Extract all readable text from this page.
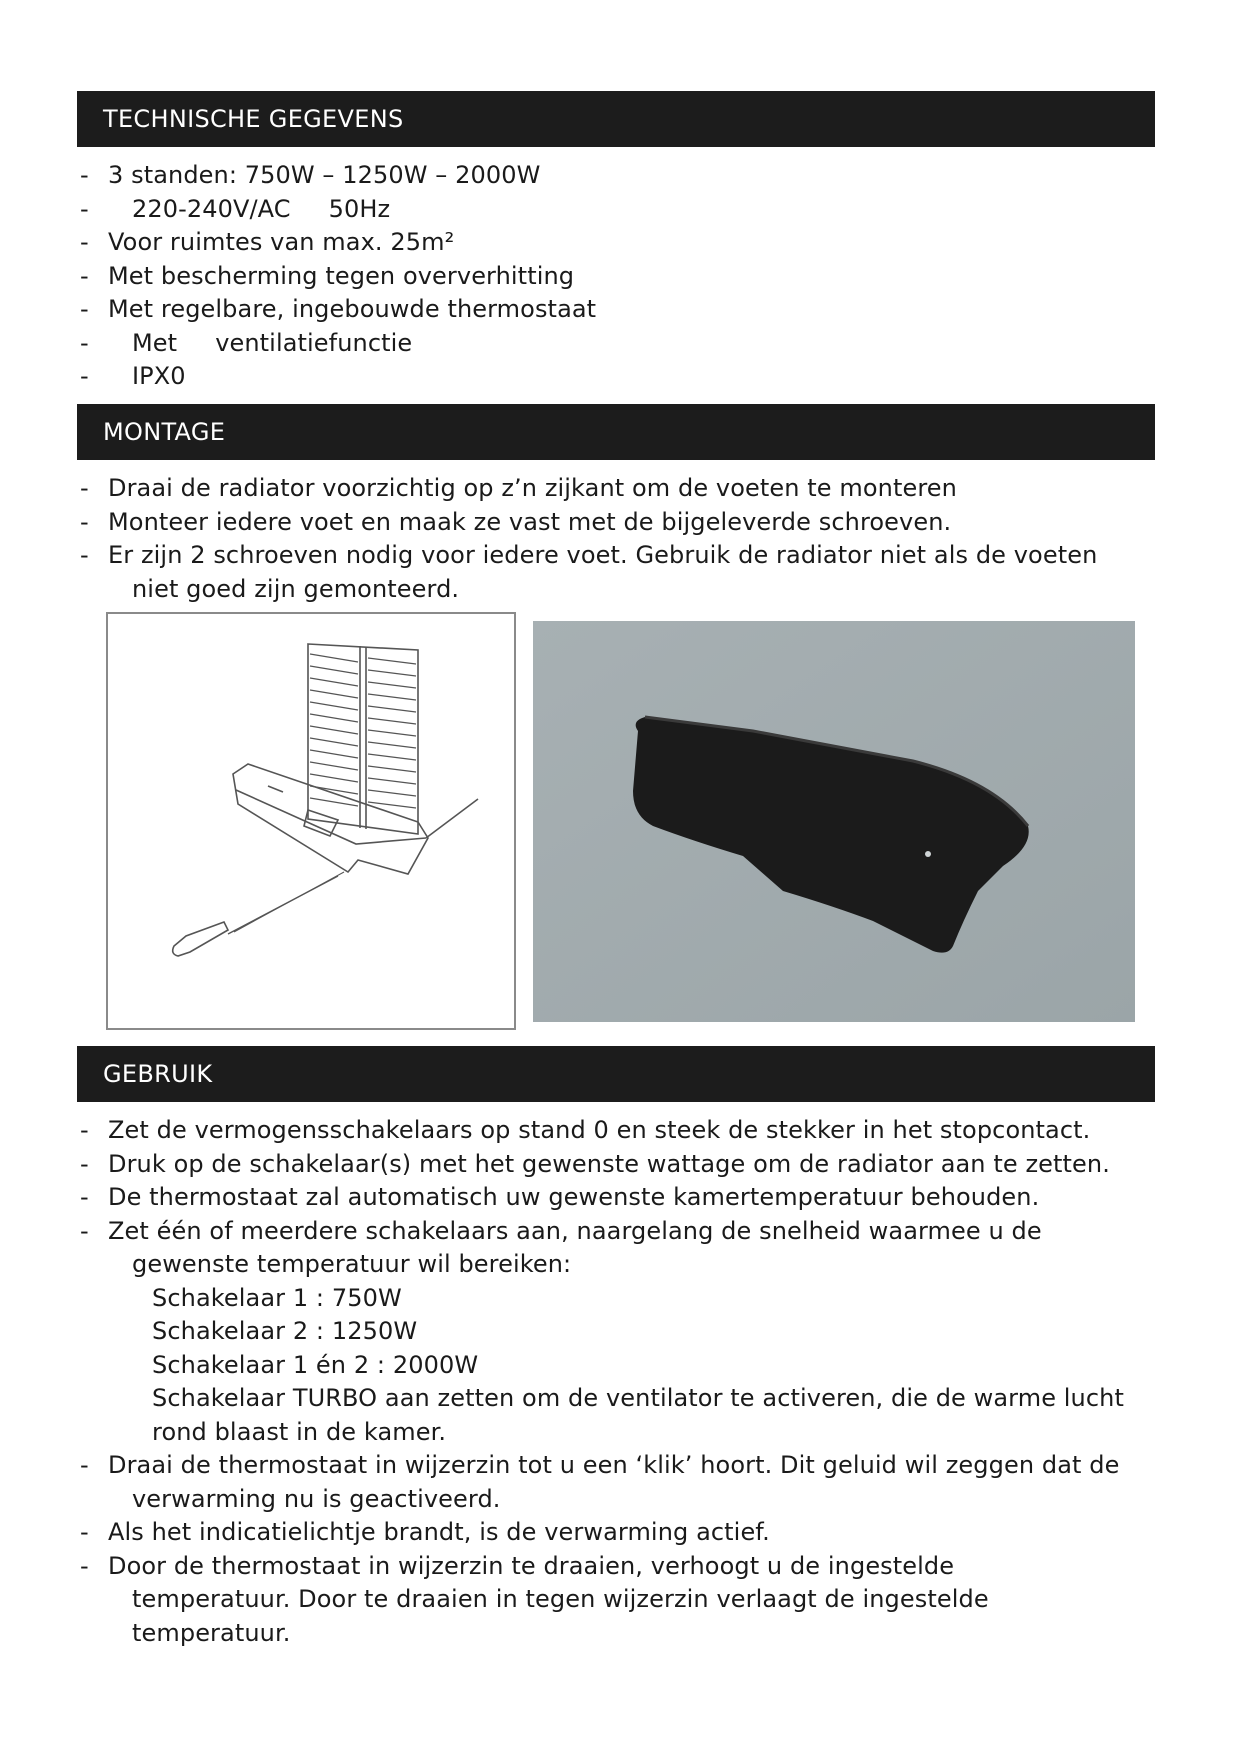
TECHNISCHE GEGEVENS
- 3 standen: 750W – 1250W – 2000W
- 220-240V/AC 50Hz
- Voor ruimtes van max. 25m²
- Met bescherming tegen oververhitting
- Met regelbare, ingebouwde thermostaat
- Met ventilatiefunctie
- IPX0
MONTAGE
- Draai de radiator voorzichtig op z’n zijkant om de voeten te monteren
- Monteer iedere voet en maak ze vast met de bijgeleverde schroeven.
- Er zijn 2 schroeven nodig voor iedere voet. Gebruik de radiator niet als de voeten
niet goed zijn gemonteerd.
GEBRUIK
- Zet de vermogensschakelaars op stand 0 en steek de stekker in het stopcontact.
- Druk op de schakelaar(s) met het gewenste wattage om de radiator aan te zetten.
- De thermostaat zal automatisch uw gewenste kamertemperatuur behouden.
- Zet één of meerdere schakelaars aan, naargelang de snelheid waarmee u de
gewenste temperatuur wil bereiken:
Schakelaar 1 : 750W
Schakelaar 2 : 1250W
Schakelaar 1 én 2 : 2000W
Schakelaar TURBO aan zetten om de ventilator te activeren, die de warme lucht
rond blaast in de kamer.
- Draai de thermostaat in wijzerzin tot u een ‘klik’ hoort. Dit geluid wil zeggen dat de
verwarming nu is geactiveerd.
- Als het indicatielichtje brandt, is de verwarming actief.
- Door de thermostaat in wijzerzin te draaien, verhoogt u de ingestelde
temperatuur. Door te draaien in tegen wijzerzin verlaagt de ingestelde
temperatuur.
